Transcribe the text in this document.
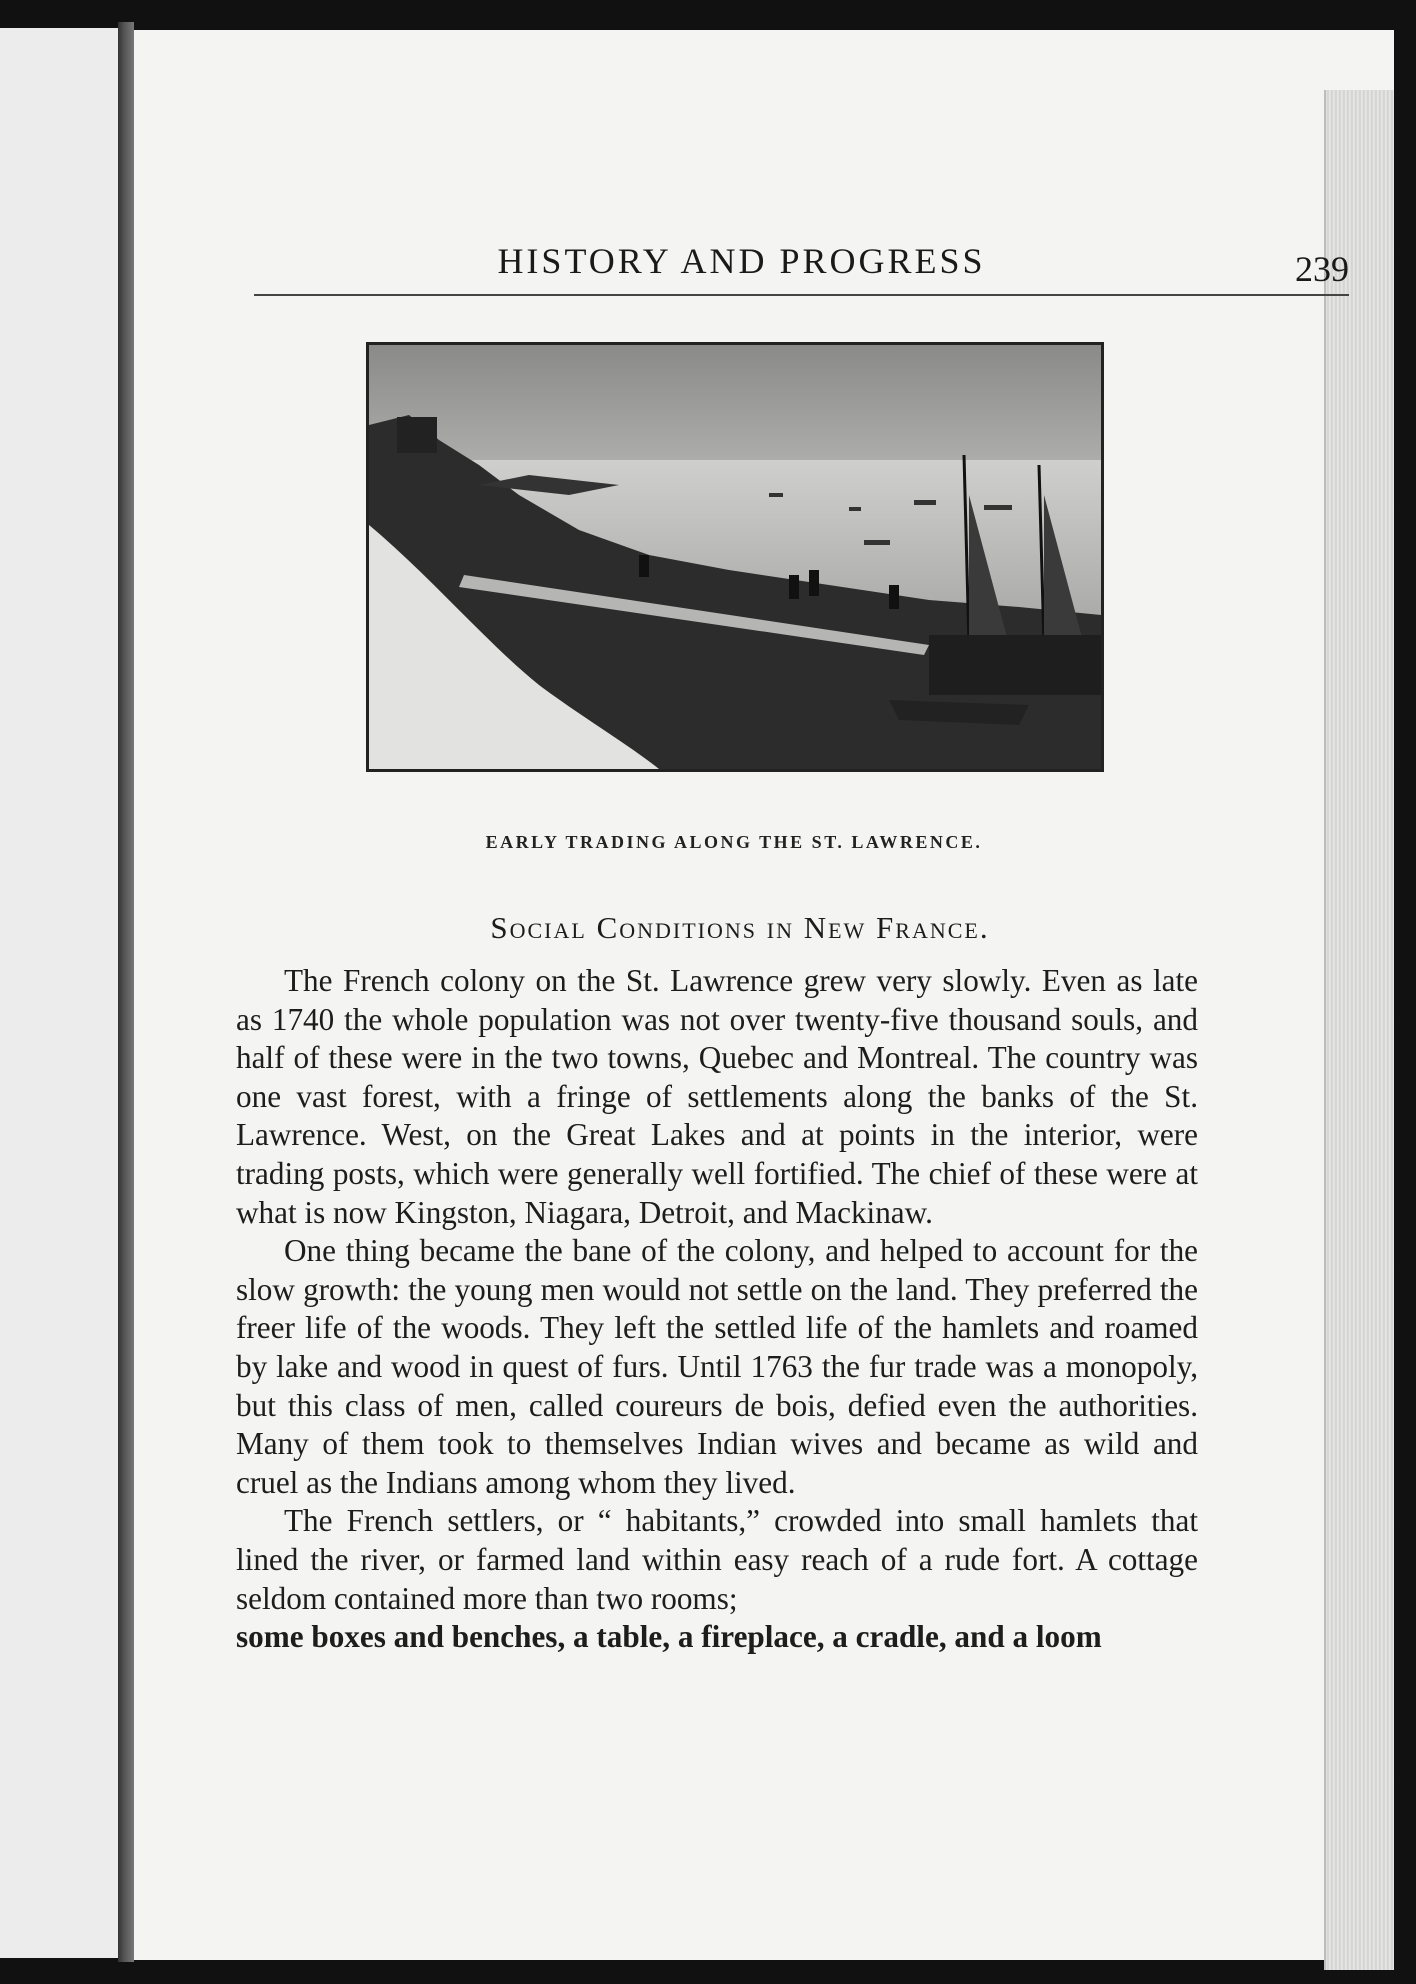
HISTORY AND PROGRESS	239
EARLY TRADING ALONG THE ST. LAWRENCE.
Social Conditions in New France.

The French colony on the St. Lawrence grew very slowly. Even as late as 1740 the whole population was not over twenty-five thousand souls, and half of these were in the two towns, Quebec and Montreal. The country was one vast forest, with a fringe of settlements along the banks of the St. Lawrence. West, on the Great Lakes and at points in the interior, were trading posts, which were generally well fortified. The chief of these were at what is now Kingston, Niagara, Detroit, and Mackinaw.

One thing became the bane of the colony, and helped to account for the slow growth: the young men would not settle on the land. They preferred the freer life of the woods. They left the settled life of the hamlets and roamed by lake and wood in quest of furs. Until 1763 the fur trade was a monopoly, but this class of men, called coureurs de bois, defied even the authorities. Many of them took to themselves Indian wives and became as wild and cruel as the Indians among whom they lived.

The French settlers, or “ habitants,” crowded into small hamlets that lined the river, or farmed land within easy reach of a rude fort. A cottage seldom contained more than two rooms;

some boxes and benches, a table, a fireplace, a cradle, and a loom
